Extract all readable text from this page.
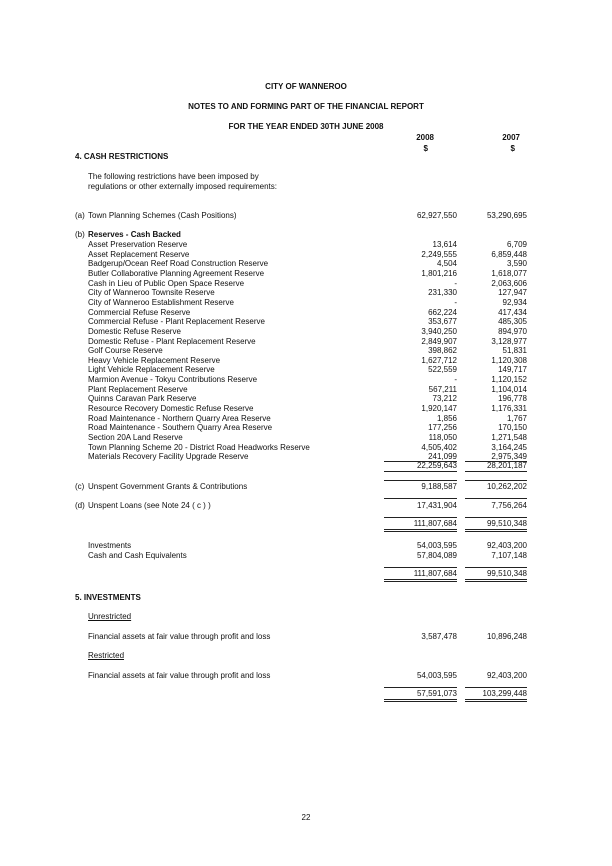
CITY OF WANNEROO
NOTES TO AND FORMING PART OF THE FINANCIAL REPORT
FOR THE YEAR ENDED 30TH JUNE 2008
2008	2007
$	$
4. CASH RESTRICTIONS
The following restrictions have been imposed by
regulations or other externally imposed requirements:
(a) Town Planning Schemes (Cash Positions)	62,927,550	53,290,695
(b) Reserves - Cash Backed
Asset Preservation Reserve	13,614	6,709
Asset Replacement Reserve	2,249,555	6,859,448
Badgerup/Ocean Reef Road Construction Reserve	4,504	3,590
Butler Collaborative Planning Agreement Reserve	1,801,216	1,618,077
Cash in Lieu of Public Open Space Reserve	-	2,063,606
City of Wanneroo Townsite Reserve	231,330	127,947
City of Wanneroo Establishment Reserve	-	92,934
Commercial Refuse Reserve	662,224	417,434
Commercial Refuse - Plant Replacement Reserve	353,677	485,305
Domestic Refuse Reserve	3,940,250	894,970
Domestic Refuse - Plant Replacement Reserve	2,849,907	3,128,977
Golf Course Reserve	398,862	51,831
Heavy Vehicle Replacement Reserve	1,627,712	1,120,308
Light Vehicle Replacement Reserve	522,559	149,717
Marmion Avenue - Tokyu Contributions Reserve	-	1,120,152
Plant Replacement Reserve	567,211	1,104,014
Quinns Caravan Park Reserve	73,212	196,778
Resource Recovery Domestic Refuse Reserve	1,920,147	1,176,331
Road Maintenance - Northern Quarry Area Reserve	1,856	1,767
Road Maintenance - Southern Quarry Area Reserve	177,256	170,150
Section 20A Land Reserve	118,050	1,271,548
Town Planning Scheme 20 - District Road Headworks Reserve	4,505,402	3,164,245
Materials Recovery Facility Upgrade Reserve	241,099	2,975,349
22,259,643	28,201,187
(c) Unspent Government Grants & Contributions	9,188,587	10,262,202
(d) Unspent Loans (see Note 24 ( c ) )	17,431,904	7,756,264
111,807,684	99,510,348
Investments	54,003,595	92,403,200
Cash and Cash Equivalents	57,804,089	7,107,148
111,807,684	99,510,348
5. INVESTMENTS
Unrestricted
Financial assets at fair value through profit and loss	3,587,478	10,896,248
Restricted
Financial assets at fair value through profit and loss	54,003,595	92,403,200
57,591,073	103,299,448
22
